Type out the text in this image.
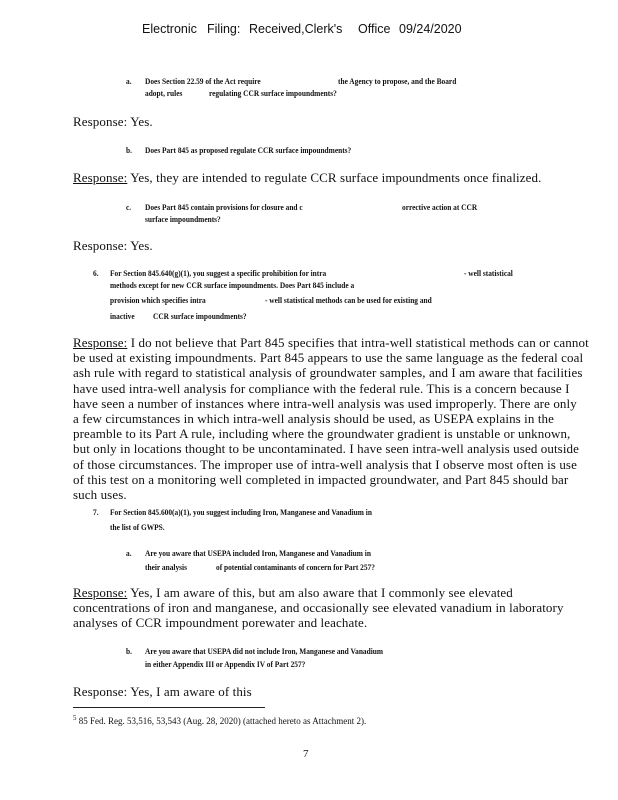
Electronic Filing: Received,Clerk's Office 09/24/2020
a. Does Section 22.59 of the Act require	the Agency to propose, and the Board
adopt, rules	regulating CCR surface impoundments?
Response: Yes.
b. Does Part 845 as proposed regulate CCR surface impoundments?
Response: Yes, they are intended to regulate CCR surface impoundments once finalized.
c. Does Part 845 contain provisions for closure and c	orrective action at CCR
surface impoundments?
Response: Yes.
6. For Section 845.640(g)(1), you suggest a specific prohibition for intra	- well statistical
methods except for new CCR surface impoundments. Does Part 845 include a
provision which specifies intra	- well statistical methods can be used for existing and
inactive CCR surface impoundments?
Response: I do not believe that Part 845 specifies that intra-well statistical methods can or cannot
be used at existing impoundments. Part 845 appears to use the same language as the federal coal
ash rule with regard to statistical analysis of groundwater samples, and I am aware that facilities
have used intra-well analysis for compliance with the federal rule. This is a concern because I
have seen a number of instances where intra-well analysis was used improperly. There are only
a few circumstances in which intra-well analysis should be used, as USEPA explains in the
preamble to its Part A rule, including where the groundwater gradient is unstable or unknown,
but only in locations thought to be uncontaminated. I have seen intra-well analysis used outside
of those circumstances. The improper use of intra-well analysis that I observe most often is use
of this test on a monitoring well completed in impacted groundwater, and Part 845 should bar
such uses.
7. For Section 845.600(a)(1), you suggest including Iron, Manganese and Vanadium in
the list of GWPS.
a. Are you aware that USEPA included Iron, Manganese and Vanadium in
their analysis	of potential contaminants of concern for Part 257?
Response: Yes, I am aware of this, but am also aware that I commonly see elevated
concentrations of iron and manganese, and occasionally see elevated vanadium in laboratory
analyses of CCR impoundment porewater and leachate.
b. Are you aware that USEPA did not include Iron, Manganese and Vanadium
in either Appendix III or Appendix IV of Part 257?
Response: Yes, I am aware of this
$^5$ 85 Fed. Reg. 53,516, 53,543 (Aug. 28, 2020) (attached hereto as Attachment 2).
7
